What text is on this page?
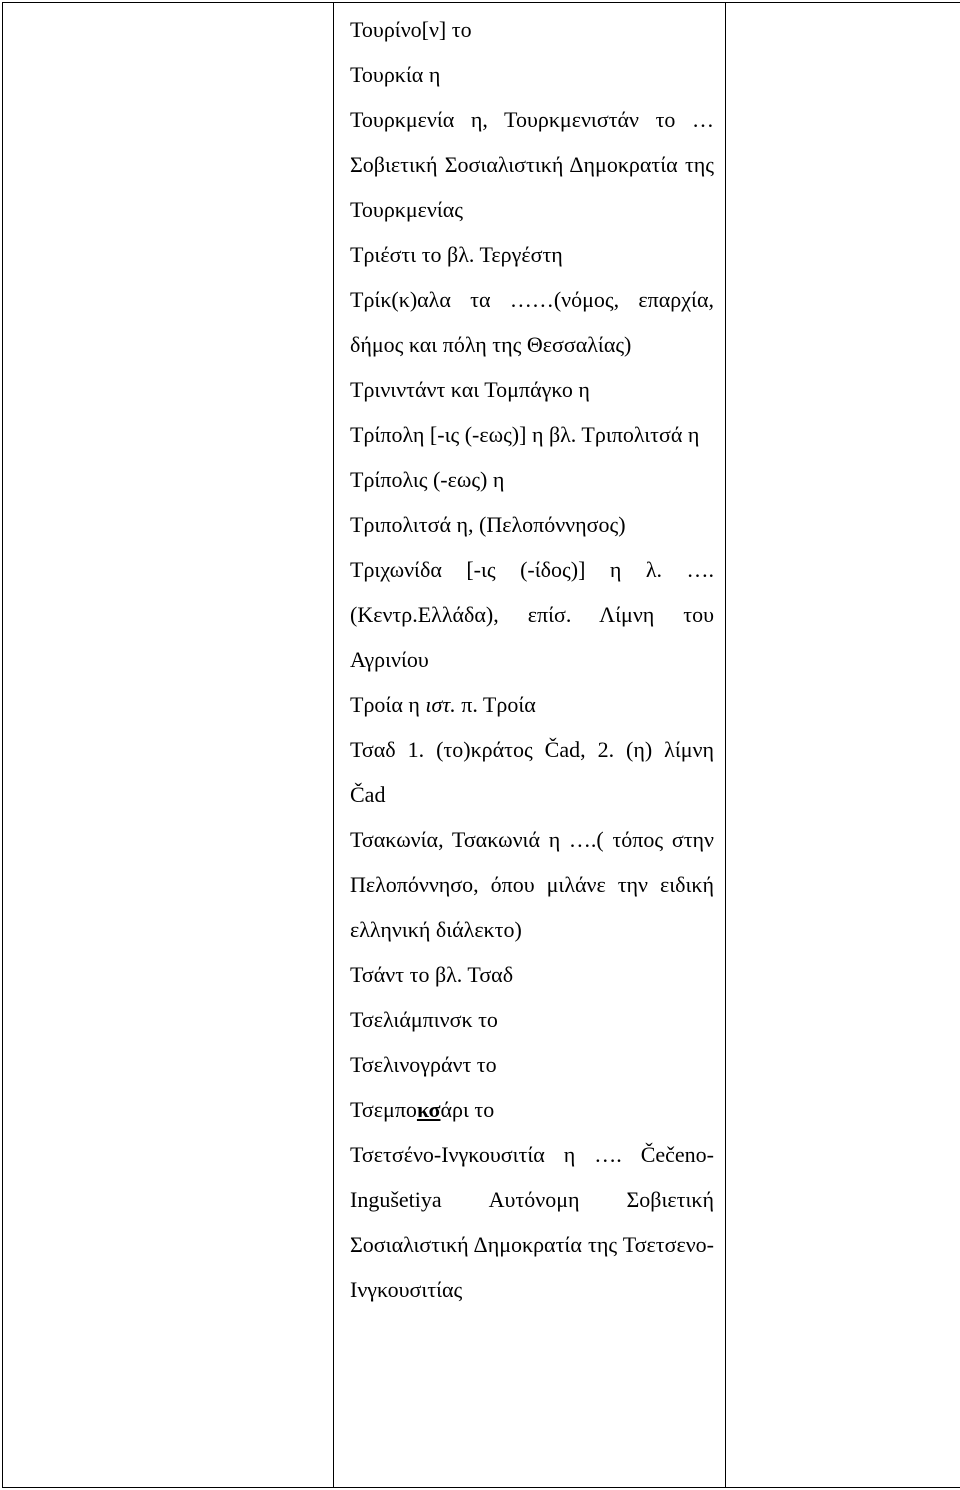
Τουρίνο[ν] το

Τουρκία η

Τουρκμενία η, Τουρκμενιστάν το … Σοβιετική Σοσιαλιστική Δημοκρατία της Τουρκμενίας

Τριέστι το βλ. Τεργέστη

Τρίκ(κ)αλα τα ……(νόμος, επαρχία, δήμος και πόλη της Θεσσαλίας)

Τρινιντάντ και Τομπάγκο η

Τρίπολη [-ις (-εως)] η βλ. Τριπολιτσά η

Τρίπολις (-εως) η

Τριπολιτσά η, (Πελοπόννησος)

Τριχωνίδα [-ις (-ίδος)] η λ. ….(Κεντρ.Ελλάδα), επίσ. Λίμνη του Αγρινίου

Τροία η ιστ. π. Τροία

Τσαδ 1. (το)κράτος Čad, 2. (η) λίμνη Čad

Τσακωνία, Τσακωνιά η ….( τόπος στην Πελοπόννησο, όπου μιλάνε την ειδική ελληνική διάλεκτο)

Τσάντ το βλ. Τσαδ

Τσελιάμπινσκ το

Τσελινογράντ το

Τσεμποκσάρι το

Τσετσένο-Ινγκουσιτία η …. Čečeno-Ingušetiya Αυτόνομη Σοβιετική Σοσιαλιστική Δημοκρατία της Τσετσενο-Ινγκουσιτίας
